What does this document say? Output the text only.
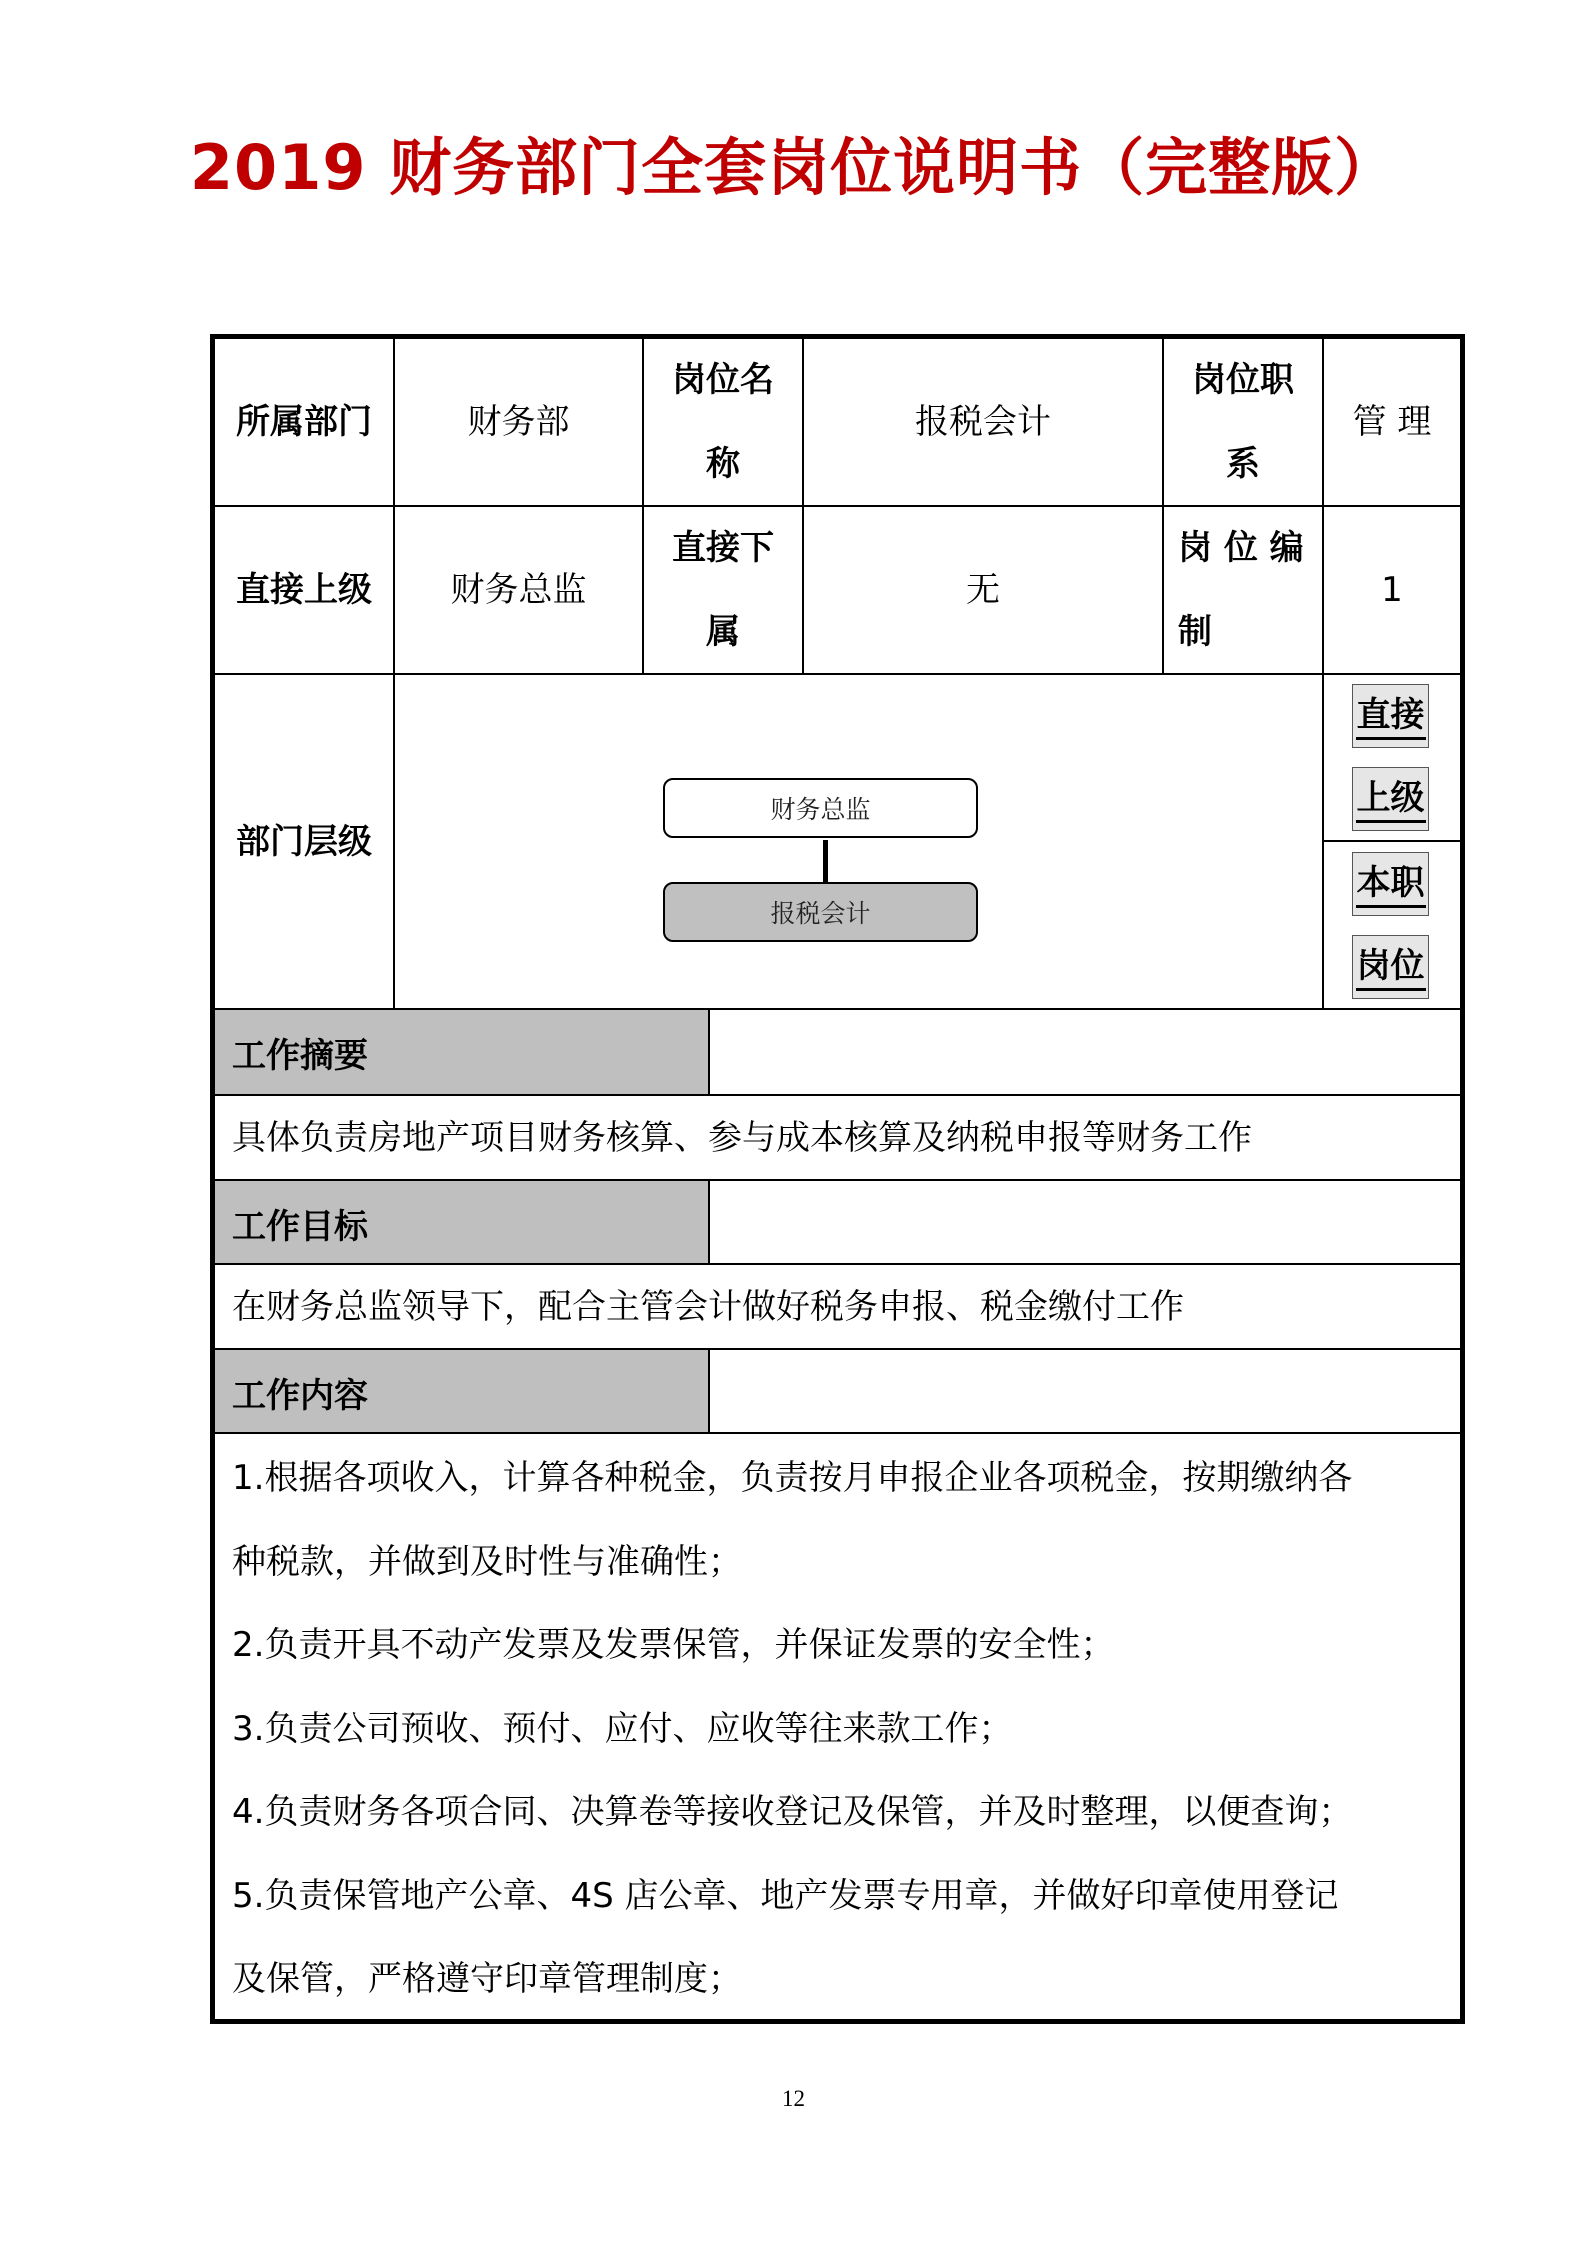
2019 财务部门全套岗位说明书（完整版）
所属部门	财务部
岗位名
称
报税会计
岗位职
系
管 理
直接上级	财务总监
直接下
属
无
岗 位 编
制
1
部门层级
财务总监
报税会计
直接
上级
本职
岗位
工作摘要
具体负责房地产项目财务核算、参与成本核算及纳税申报等财务工作
工作目标
在财务总监领导下，配合主管会计做好税务申报、税金缴付工作
工作内容
1.根据各项收入，计算各种税金，负责按月申报企业各项税金，按期缴纳各
种税款，并做到及时性与准确性；
2.负责开具不动产发票及发票保管，并保证发票的安全性；
3.负责公司预收、预付、应付、应收等往来款工作；
4.负责财务各项合同、决算卷等接收登记及保管，并及时整理，以便查询；
5.负责保管地产公章、4S 店公章、地产发票专用章，并做好印章使用登记
及保管，严格遵守印章管理制度；
12
